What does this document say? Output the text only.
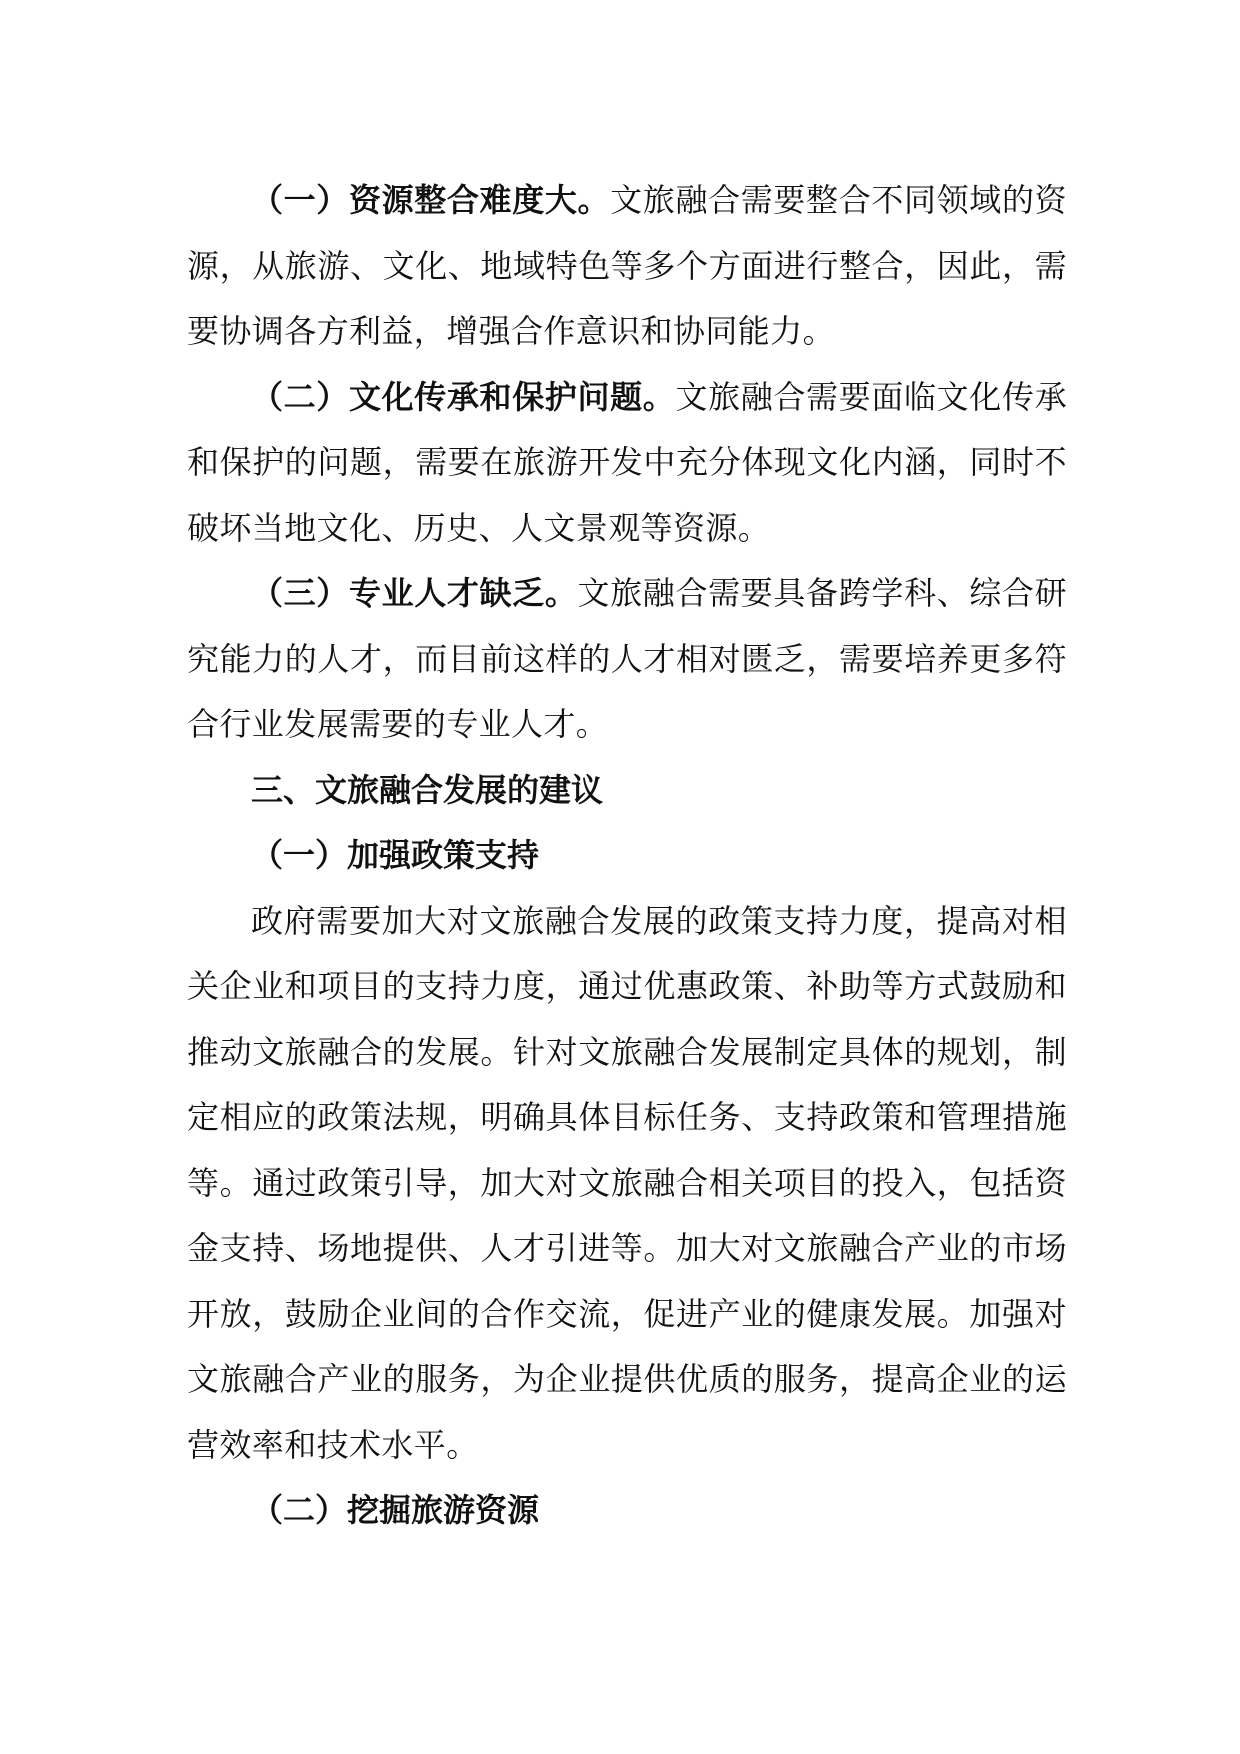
（一）资源整合难度大。文旅融合需要整合不同领域的资源，从旅游、文化、地域特色等多个方面进行整合，因此，需要协调各方利益，增强合作意识和协同能力。

（二）文化传承和保护问题。文旅融合需要面临文化传承和保护的问题，需要在旅游开发中充分体现文化内涵，同时不破坏当地文化、历史、人文景观等资源。

（三）专业人才缺乏。文旅融合需要具备跨学科、综合研究能力的人才，而目前这样的人才相对匮乏，需要培养更多符合行业发展需要的专业人才。

三、文旅融合发展的建议

（一）加强政策支持

政府需要加大对文旅融合发展的政策支持力度，提高对相关企业和项目的支持力度，通过优惠政策、补助等方式鼓励和推动文旅融合的发展。针对文旅融合发展制定具体的规划，制定相应的政策法规，明确具体目标任务、支持政策和管理措施等。通过政策引导，加大对文旅融合相关项目的投入，包括资金支持、场地提供、人才引进等。加大对文旅融合产业的市场开放，鼓励企业间的合作交流，促进产业的健康发展。加强对文旅融合产业的服务，为企业提供优质的服务，提高企业的运营效率和技术水平。

（二）挖掘旅游资源
